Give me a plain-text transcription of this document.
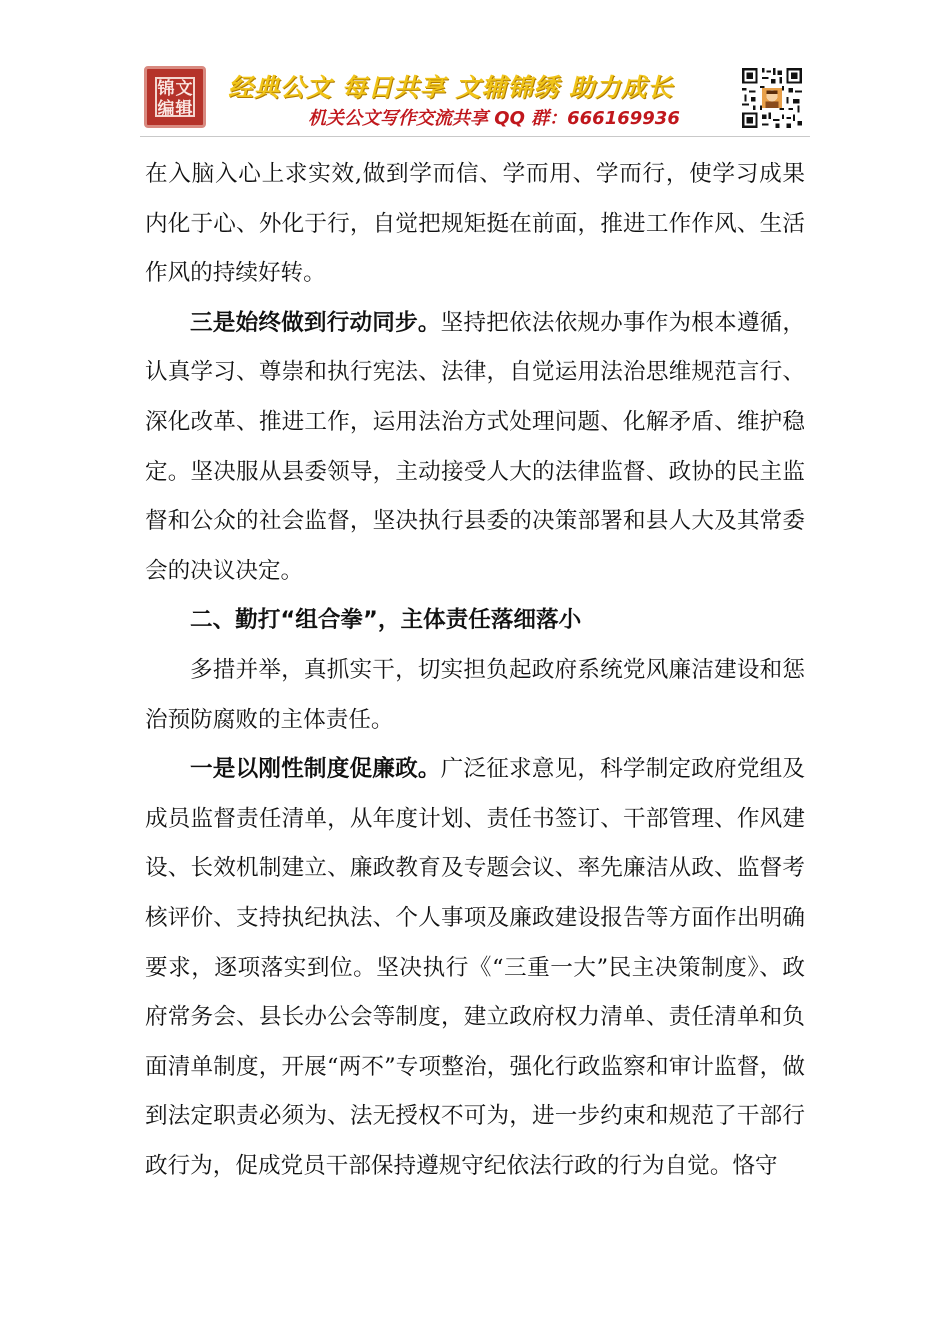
锦 文
编 辑
经典公文 每日共享 文辅锦绣 助力成长
机关公文写作交流共享 QQ 群：666169936

在入脑入心上求实效,做到学而信、学而用、学而行，使学习成果内化于心、外化于行，自觉把规矩挺在前面，推进工作作风、生活作风的持续好转。

三是始终做到行动同步。坚持把依法依规办事作为根本遵循，认真学习、尊崇和执行宪法、法律，自觉运用法治思维规范言行、深化改革、推进工作，运用法治方式处理问题、化解矛盾、维护稳定。坚决服从县委领导，主动接受人大的法律监督、政协的民主监督和公众的社会监督，坚决执行县委的决策部署和县人大及其常委会的决议决定。

二、勤打“组合拳”，主体责任落细落小

多措并举，真抓实干，切实担负起政府系统党风廉洁建设和惩治预防腐败的主体责任。

一是以刚性制度促廉政。广泛征求意见，科学制定政府党组及成员监督责任清单，从年度计划、责任书签订、干部管理、作风建设、长效机制建立、廉政教育及专题会议、率先廉洁从政、监督考核评价、支持执纪执法、个人事项及廉政建设报告等方面作出明确要求，逐项落实到位。坚决执行《“三重一大”民主决策制度》、政府常务会、县长办公会等制度，建立政府权力清单、责任清单和负面清单制度，开展“两不”专项整治，强化行政监察和审计监督，做到法定职责必须为、法无授权不可为，进一步约束和规范了干部行政行为，促成党员干部保持遵规守纪依法行政的行为自觉。恪守
